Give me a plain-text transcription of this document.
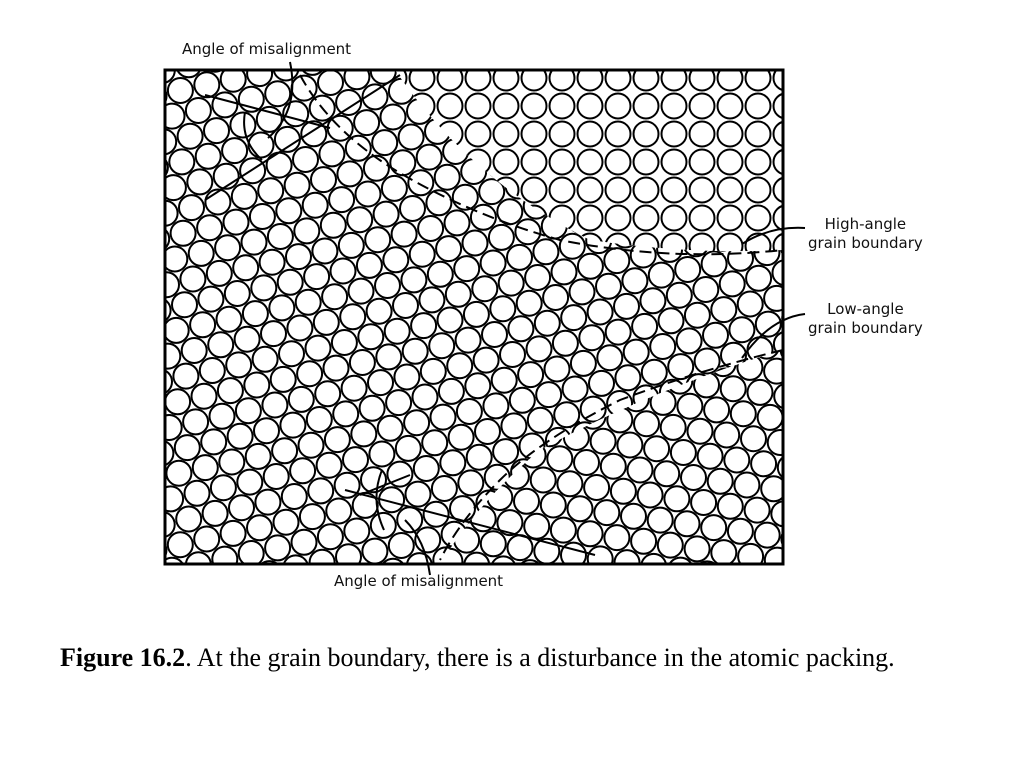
Angle of misalignment
High-angle
grain boundary
Low-angle
grain boundary
Angle of misalignment
Figure 16.2. At the grain boundary, there is a disturbance in the atomic packing.
